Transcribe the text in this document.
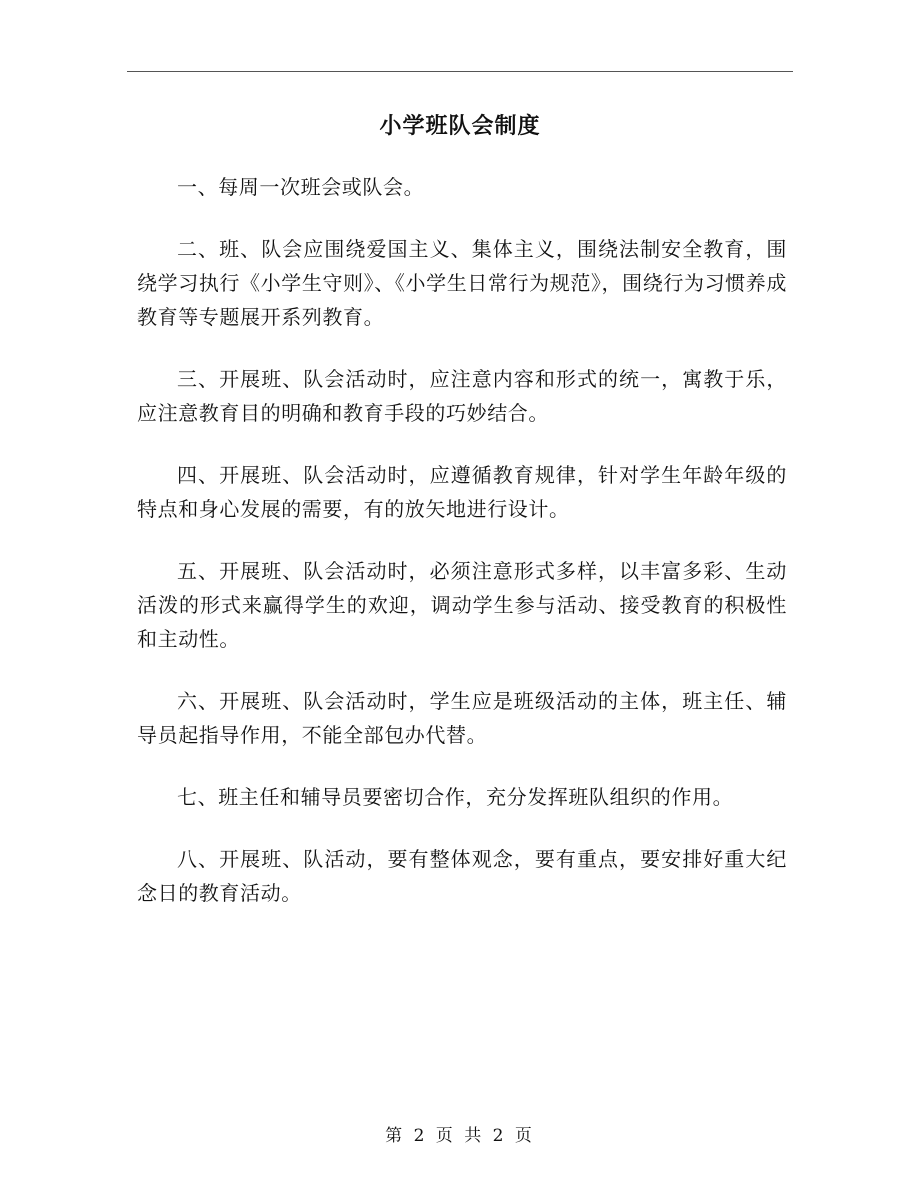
小学班队会制度

一、每周一次班会或队会。

二、班、队会应围绕爱国主义、集体主义，围绕法制安全教育，围绕学习执行《小学生守则》、《小学生日常行为规范》，围绕行为习惯养成教育等专题展开系列教育。

三、开展班、队会活动时，应注意内容和形式的统一，寓教于乐，应注意教育目的明确和教育手段的巧妙结合。

四、开展班、队会活动时，应遵循教育规律，针对学生年龄年级的特点和身心发展的需要，有的放矢地进行设计。

五、开展班、队会活动时，必须注意形式多样，以丰富多彩、生动活泼的形式来赢得学生的欢迎，调动学生参与活动、接受教育的积极性和主动性。

六、开展班、队会活动时，学生应是班级活动的主体，班主任、辅导员起指导作用，不能全部包办代替。

七、班主任和辅导员要密切合作，充分发挥班队组织的作用。

八、开展班、队活动，要有整体观念，要有重点，要安排好重大纪念日的教育活动。

第 2 页 共 2 页
